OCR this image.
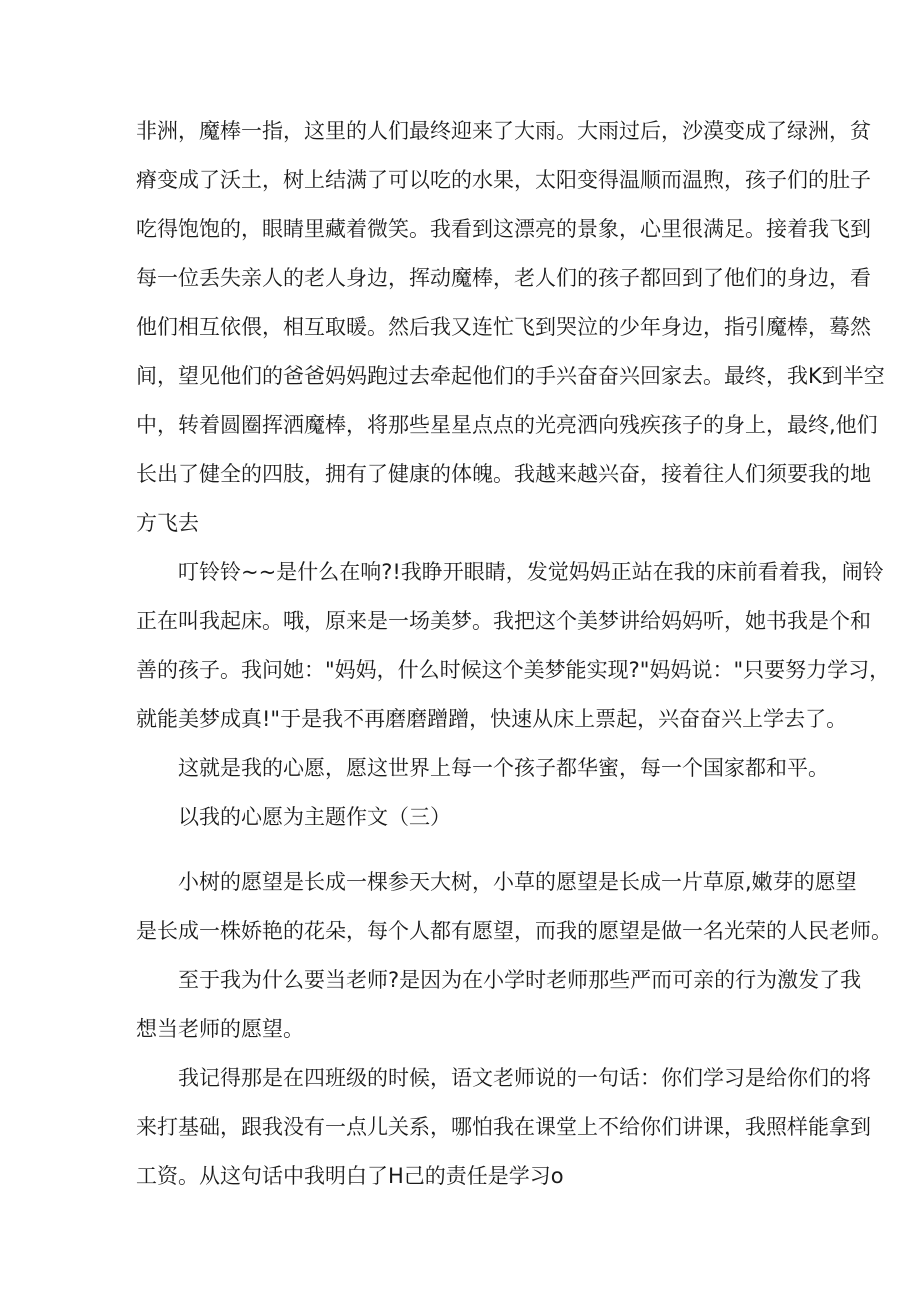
非洲，魔棒一指，这里的人们最终迎来了大雨。大雨过后，沙漠变成了绿洲，贫
瘠变成了沃土，树上结满了可以吃的水果，太阳变得温顺而温煦，孩子们的肚子
吃得饱饱的，眼睛里藏着微笑。我看到这漂亮的景象，心里很满足。接着我飞到
每一位丢失亲人的老人身边，挥动魔棒，老人们的孩子都回到了他们的身边，看
他们相互依偎，相互取暖。然后我又连忙飞到哭泣的少年身边，指引魔棒，蓦然
间，望见他们的爸爸妈妈跑过去牵起他们的手兴奋奋兴回家去。最终，我K到半空
中，转着圆圈挥洒魔棒，将那些星星点点的光亮洒向残疾孩子的身上，最终,他们
长出了健全的四肢，拥有了健康的体魄。我越来越兴奋，接着往人们须要我的地
方飞去
叮铃铃~~是什么在响?!我睁开眼睛，发觉妈妈正站在我的床前看着我，闹铃
正在叫我起床。哦，原来是一场美梦。我把这个美梦讲给妈妈听，她书我是个和
善的孩子。我问她："妈妈，什么时候这个美梦能实现?"妈妈说："只要努力学习，
就能美梦成真!"于是我不再磨磨蹭蹭，快速从床上票起，兴奋奋兴上学去了。
这就是我的心愿，愿这世界上每一个孩子都华蜜，每一个国家都和平。
以我的心愿为主题作文（三）
小树的愿望是长成一棵参天大树，小草的愿望是长成一片草原,嫩芽的愿望
是长成一株娇艳的花朵，每个人都有愿望，而我的愿望是做一名光荣的人民老师。
至于我为什么要当老师?是因为在小学时老师那些严而可亲的行为激发了我
想当老师的愿望。
我记得那是在四班级的时候，语文老师说的一句话：你们学习是给你们的将
来打基础，跟我没有一点儿关系，哪怕我在课堂上不给你们讲课，我照样能拿到
工资。从这句话中我明白了H己的责任是学习o
